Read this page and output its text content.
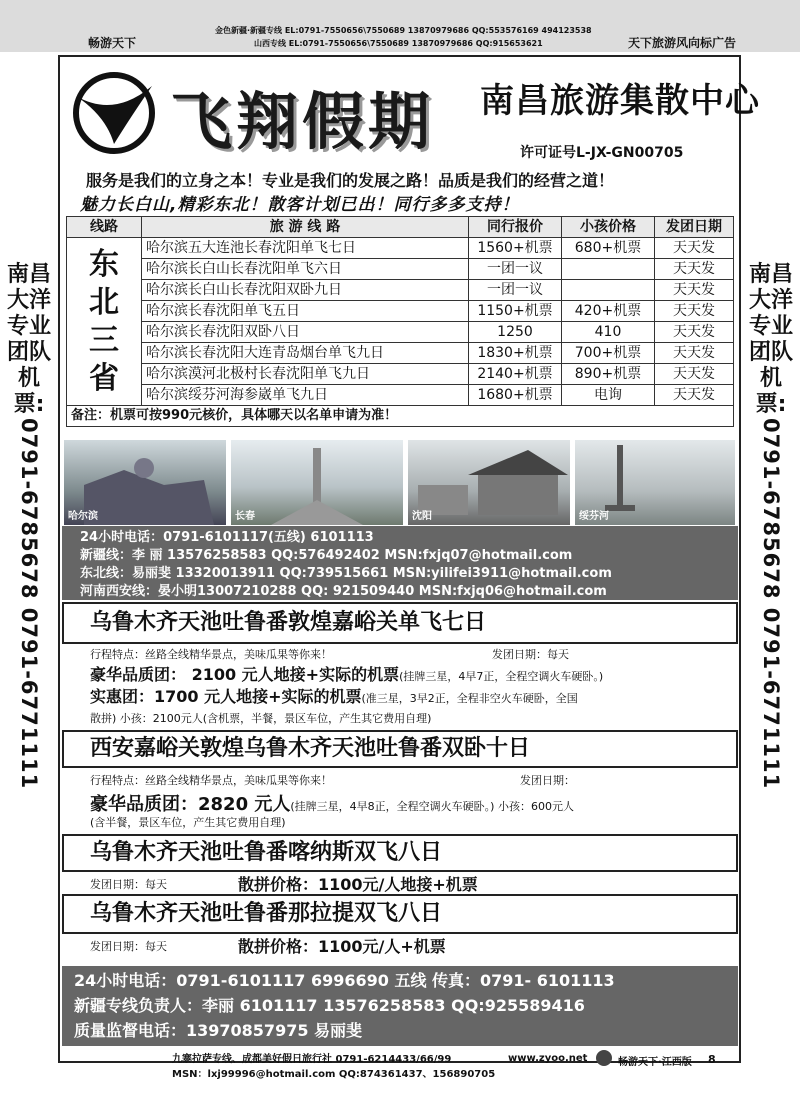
畅游天下
金色新疆·新疆专线 EL:0791-7550656\7550689 13870979686 QQ:553576169 494123538
山西专线 EL:0791-7550656\7550689 13870979686 QQ:915653621	天下旅游风向标广告
南昌大洋专业团队机票:
0791-6785678 0791-6771111
南昌大洋专业团队机票:
0791-6785678 0791-6771111
飞翔假期 南昌旅游集散中心
许可证号L-JX-GN00705
服务是我们的立身之本！专业是我们的发展之路！品质是我们的经营之道！
魅力长白山,精彩东北！散客计划已出！同行多多支持！
线路	旅 游 线 路	同行报价	小孩价格	发团日期
东北三省	哈尔滨五大连池长春沈阳单飞七日	1560+机票	680+机票	天天发
	哈尔滨长白山长春沈阳单飞六日	一团一议		天天发
	哈尔滨长白山长春沈阳双卧九日	一团一议		天天发
	哈尔滨长春沈阳单飞五日	1150+机票	420+机票	天天发
	哈尔滨长春沈阳双卧八日	1250	410	天天发
	哈尔滨长春沈阳大连青岛烟台单飞九日	1830+机票	700+机票	天天发
	哈尔滨漠河北极村长春沈阳单飞九日	2140+机票	890+机票	天天发
	哈尔滨绥芬河海参崴单飞九日	1680+机票	电询	天天发
备注：机票可按990元核价，具体哪天以名单申请为准！				
哈尔滨	长春	沈阳	绥芬河
24小时电话：0791-6101117(五线) 6101113
新疆线：李 丽 13576258583 QQ:576492402 MSN:fxjq07@hotmail.com
东北线：易丽斐 13320013911 QQ:739515661 MSN:yilifei3911@hotmail.com
河南西安线：晏小明13007210288 QQ: 921509440 MSN:fxjq06@hotmail.com
乌鲁木齐天池吐鲁番敦煌嘉峪关单飞七日
行程特点：丝路全线精华景点，美味瓜果等你来！	发团日期：每天
豪华品质团： 2100 元人地接+实际的机票(挂牌三星，4早7正，全程空调火车硬卧。)
实惠团：1700 元人地接+实际的机票(准三星，3早2正，全程非空火车硬卧，全国
散拼) 小孩：2100元人(含机票，半餐，景区车位，产生其它费用自理)
西安嘉峪关敦煌乌鲁木齐天池吐鲁番双卧十日
行程特点：丝路全线精华景点，美味瓜果等你来！	发团日期：
豪华品质团：2820 元人(挂牌三星，4早8正，全程空调火车硬卧。) 小孩：600元人
(含半餐，景区车位，产生其它费用自理)
乌鲁木齐天池吐鲁番喀纳斯双飞八日
发团日期：每天	散拼价格：1100元/人地接+机票
乌鲁木齐天池吐鲁番那拉提双飞八日
发团日期：每天	散拼价格：1100元/人+机票
24小时电话：0791-6101117 6996690 五线 传真：0791- 6101113
新疆专线负责人：李丽 6101117 13576258583 QQ:925589416
质量监督电话：13970857975 易丽斐
九寨拉萨专线、成都美好假日旅行社 0791-6214433/66/99
MSN：lxj99996@hotmail.com QQ:874361437、156890705
www.zyoo.net	畅游天下·江西版 8
